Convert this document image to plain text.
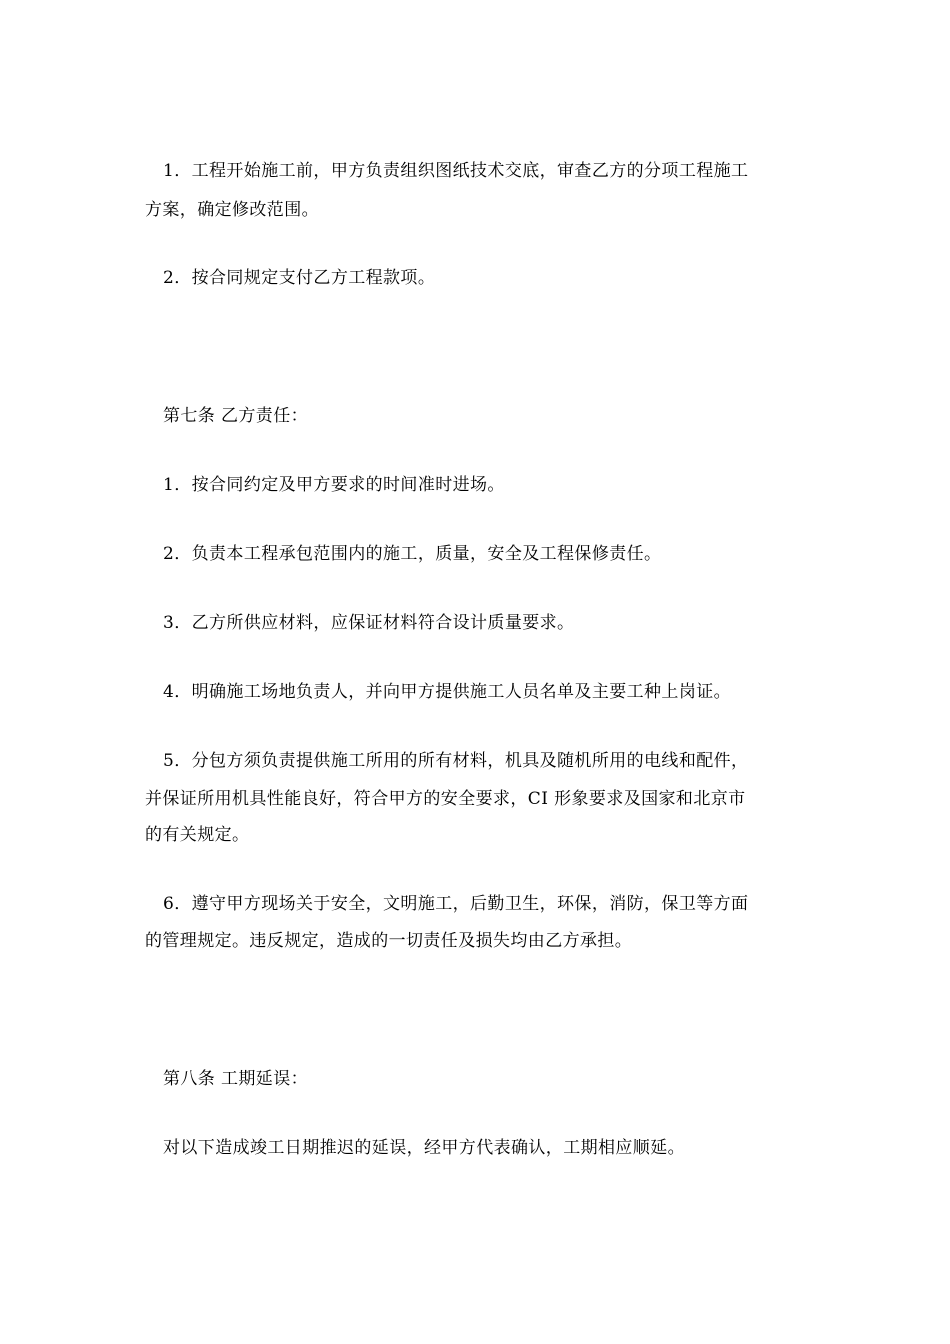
1．工程开始施工前，甲方负责组织图纸技术交底，审查乙方的分项工程施工
方案，确定修改范围。
2．按合同规定支付乙方工程款项。
第七条 乙方责任：
1．按合同约定及甲方要求的时间准时进场。
2．负责本工程承包范围内的施工，质量，安全及工程保修责任。
3．乙方所供应材料，应保证材料符合设计质量要求。
4．明确施工场地负责人，并向甲方提供施工人员名单及主要工种上岗证。
5．分包方须负责提供施工所用的所有材料，机具及随机所用的电线和配件，
并保证所用机具性能良好，符合甲方的安全要求，CI 形象要求及国家和北京市
的有关规定。
6．遵守甲方现场关于安全，文明施工，后勤卫生，环保，消防，保卫等方面
的管理规定。违反规定，造成的一切责任及损失均由乙方承担。
第八条 工期延误：
对以下造成竣工日期推迟的延误，经甲方代表确认，工期相应顺延。
